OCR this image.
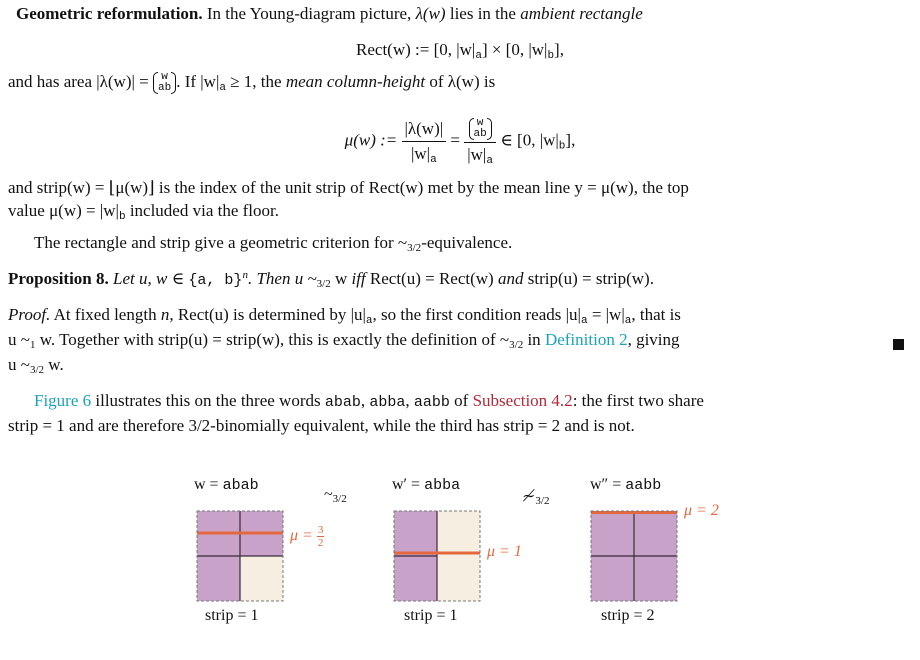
Geometric reformulation. In the Young-diagram picture, λ(w) lies in the ambient rectangle
Rect(w) := [0, $|w|_a] \times [0$, $|w|_b$],
and has area |λ(w)| = w
ab . If $|w|_a \ge 1$, the mean column-height of λ(w) is
μ(w) := $\frac{|\lambda(w)|}{|w|_a} = w$
ab
$|w|_a$ ∈ [0, $|w|_b$],
and strip(w) = ⌊μ(w)⌋ is the index of the unit strip of Rect(w) met by the mean line y = μ(w), the top
value $\mu(w) = |w|_b$ included via the floor.
The rectangle and strip give a geometric criterion for $\sim_{3/2}$-equivalence.
Proposition 8. Let u, w ∈ {a, b}$^n$. Then u $\sim_{3/2}$ w iff Rect(u) = Rect(w) and strip(u) = strip(w).
Proof. At fixed length n, Rect(u) is determined by $|u|_a$, so the first condition reads $|u|_a = |w|_a$, that is
u $\sim_1$ w. Together with strip(u) = strip(w), this is exactly the definition of $\sim_{3/2}$ in Definition 2, giving
u $\sim_{3/2}$ w.
Figure 6 illustrates this on the three words abab, abba, aabb of Subsection 4.2: the first two share
strip = 1 and are therefore 3/2-binomially equivalent, while the third has strip = 2 and is not.
w = abab
$\sim_{3/2}$
w′ = abba
$≁_{3/2}$
w″ = aabb
$\mu = \frac{3}{2}$
strip = 1
μ = 1
strip = 1
μ = 2
strip = 2
